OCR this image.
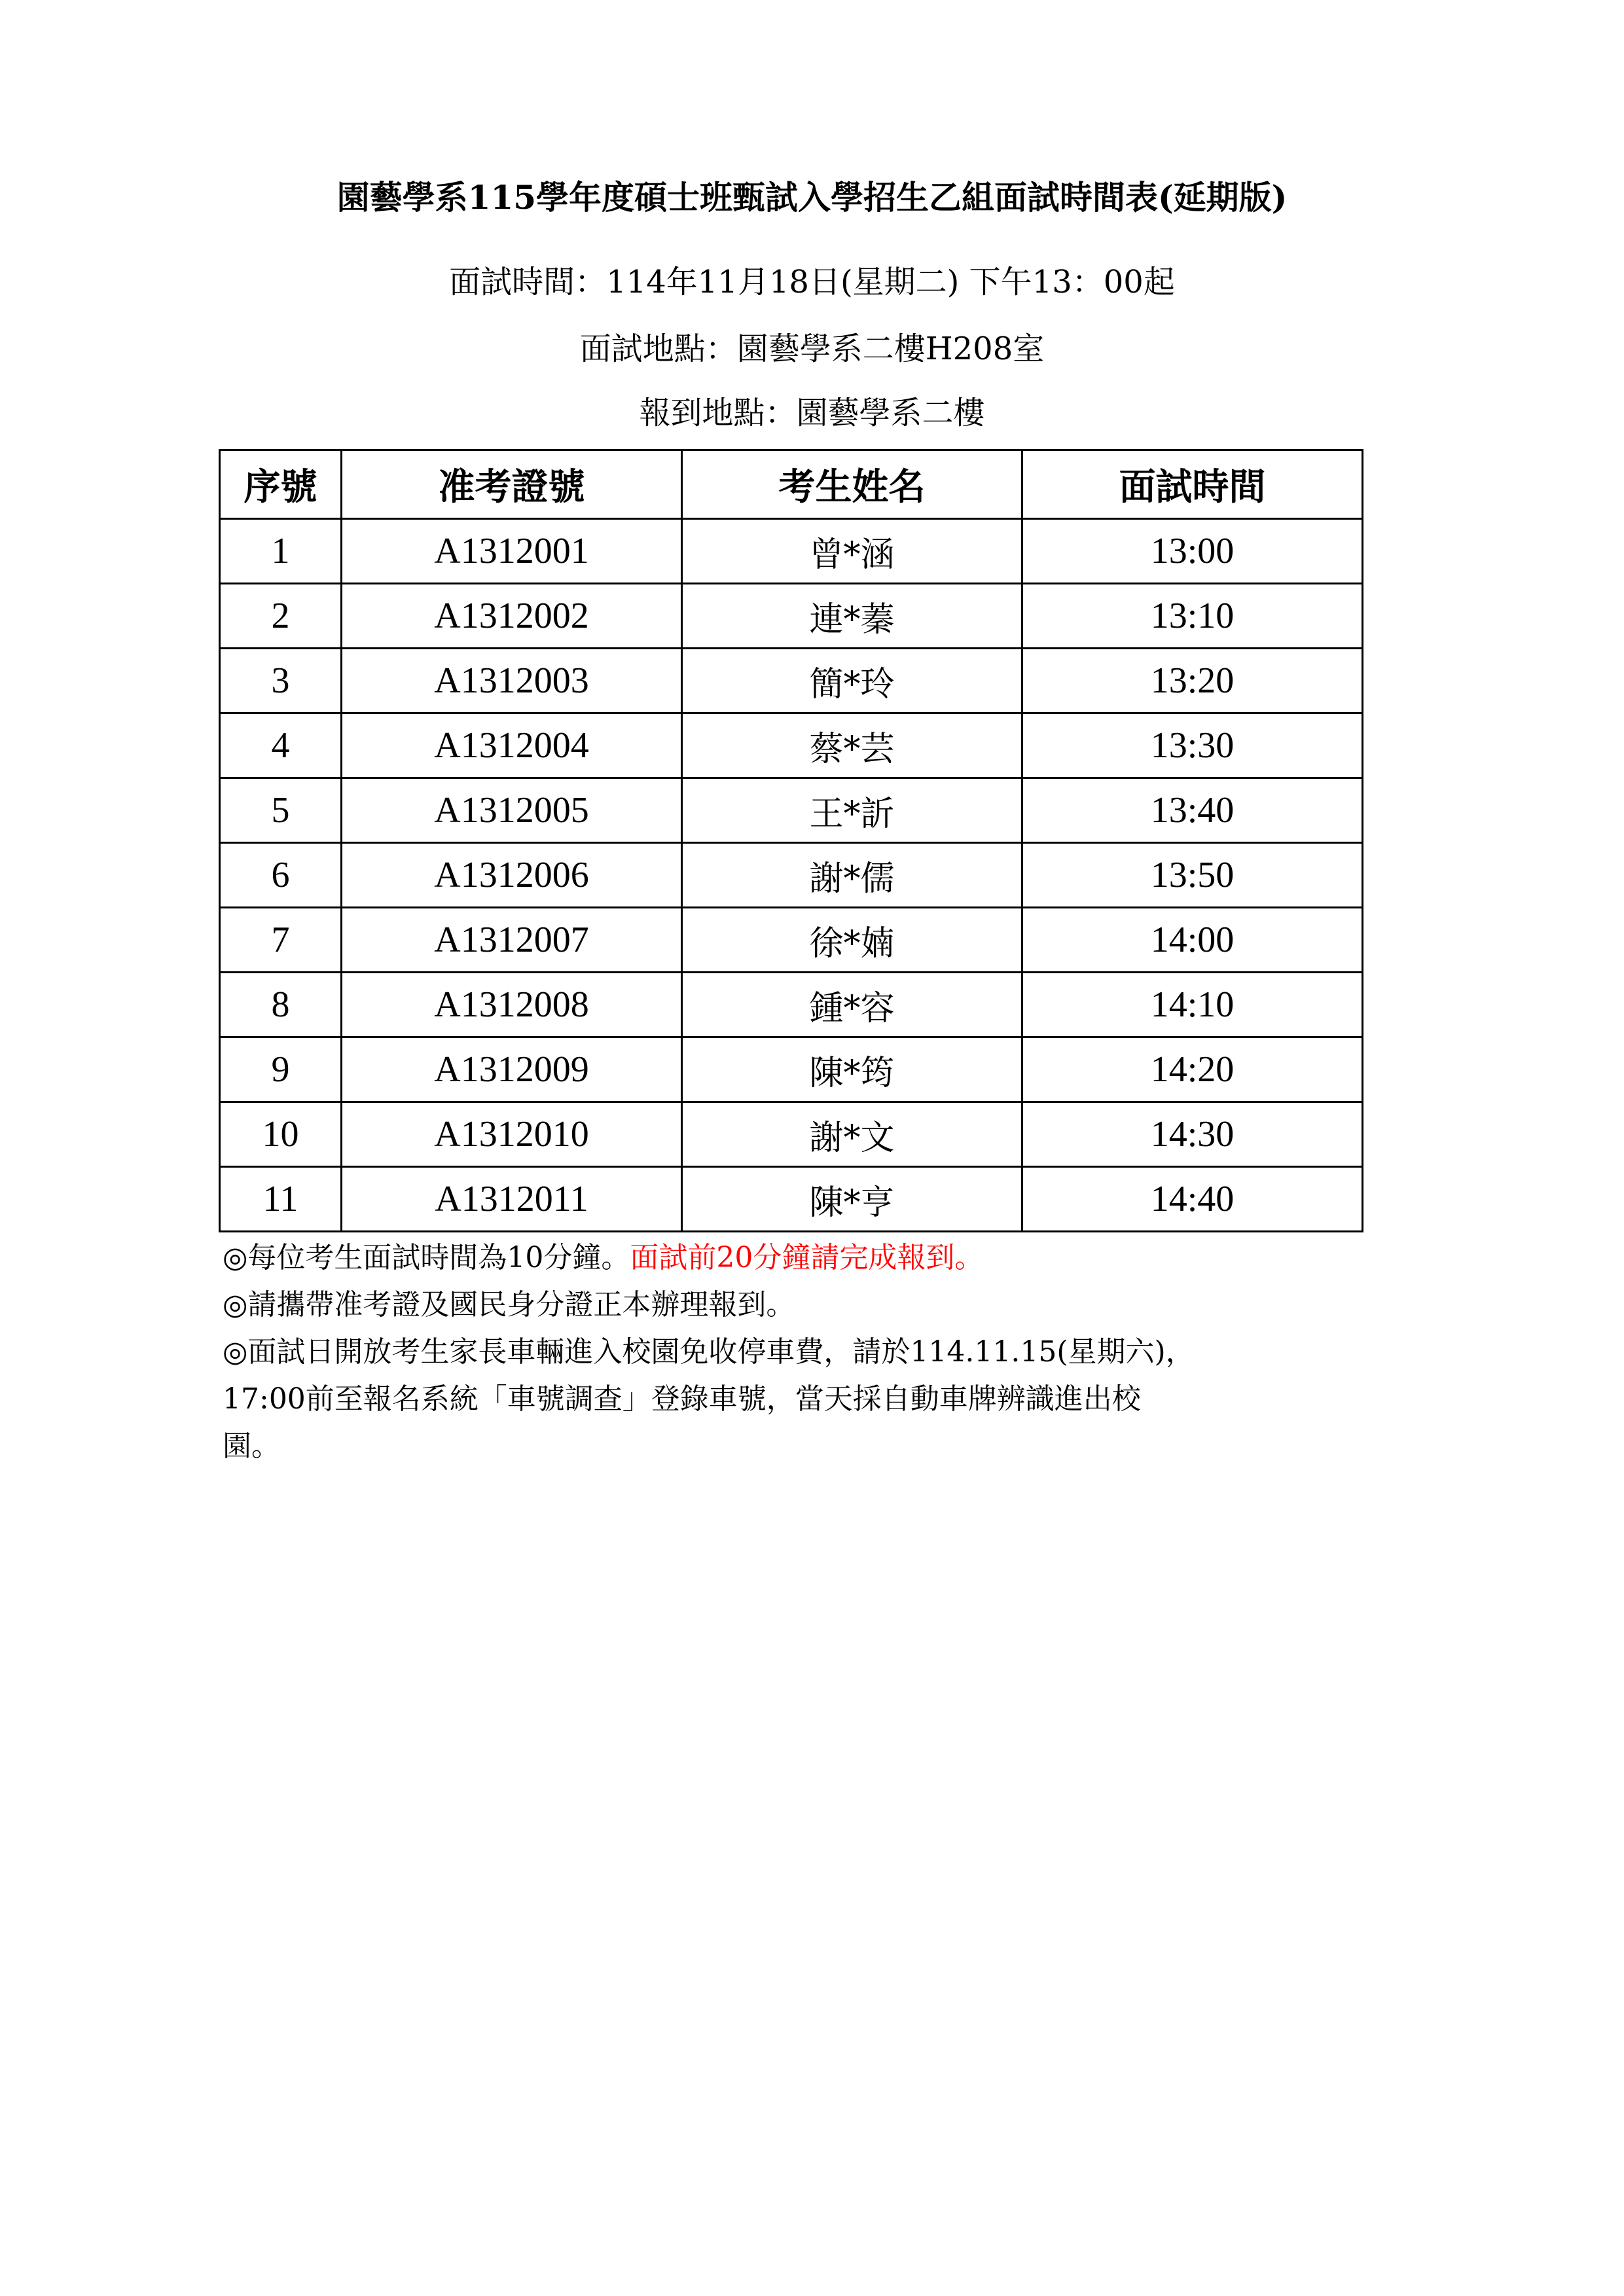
園藝學系115學年度碩士班甄試入學招生乙組面試時間表(延期版)
面試時間：114年11月18日(星期二) 下午13：00起
面試地點：園藝學系二樓H208室
報到地點：園藝學系二樓
序號	准考證號	考生姓名	面試時間
1	A1312001	曾*涵	13:00
2	A1312002	連*蓁	13:10
3	A1312003	簡*玲	13:20
4	A1312004	蔡*芸	13:30
5	A1312005	王*訢	13:40
6	A1312006	謝*儒	13:50
7	A1312007	徐*婻	14:00
8	A1312008	鍾*容	14:10
9	A1312009	陳*筠	14:20
10	A1312010	謝*文	14:30
11	A1312011	陳*亨	14:40

◎每位考生面試時間為10分鐘。面試前20分鐘請完成報到。

◎請攜帶准考證及國民身分證正本辦理報到。

◎面試日開放考生家長車輛進入校園免收停車費，請於114.11.15(星期六)，

17:00前至報名系統「車號調查」登錄車號，當天採自動車牌辨識進出校

園。
